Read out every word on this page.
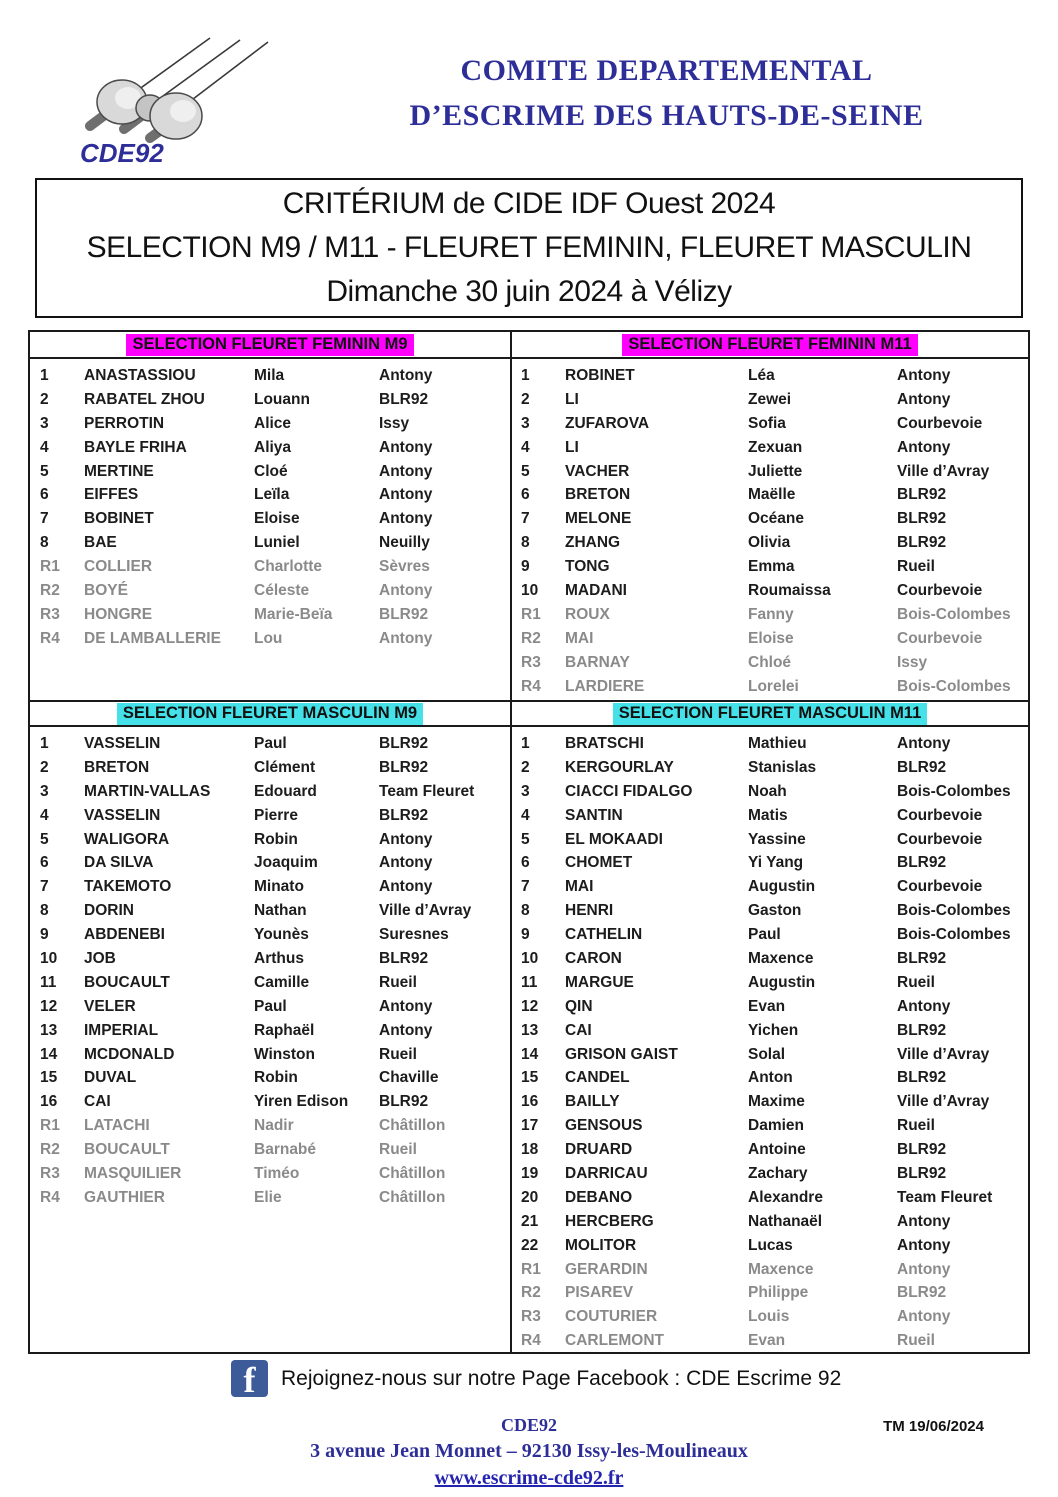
CDE92
COMITE DEPARTEMENTAL
D’ESCRIME DES HAUTS-DE-SEINE
CRITÉRIUM de CIDE IDF Ouest 2024
SELECTION M9 / M11 - FLEURET FEMININ, FLEURET MASCULIN
Dimanche 30 juin 2024 à Vélizy
SELECTION FLEURET FEMININ M9	SELECTION FLEURET FEMININ M11
1	ANASTASSIOU	Mila	Antony
2	RABATEL ZHOU	Louann	BLR92
3	PERROTIN	Alice	Issy
4	BAYLE FRIHA	Aliya	Antony
5	MERTINE	Cloé	Antony
6	EIFFES	Leïla	Antony
7	BOBINET	Eloise	Antony
8	BAE	Luniel	Neuilly
R1	COLLIER	Charlotte	Sèvres
R2	BOYÉ	Céleste	Antony
R3	HONGRE	Marie-Beïa	BLR92
R4	DE LAMBALLERIE	Lou	Antony
1	ROBINET	Léa	Antony
2	LI	Zewei	Antony
3	ZUFAROVA	Sofia	Courbevoie
4	LI	Zexuan	Antony
5	VACHER	Juliette	Ville d’Avray
6	BRETON	Maëlle	BLR92
7	MELONE	Océane	BLR92
8	ZHANG	Olivia	BLR92
9	TONG	Emma	Rueil
10	MADANI	Roumaissa	Courbevoie
R1	ROUX	Fanny	Bois-Colombes
R2	MAI	Eloise	Courbevoie
R3	BARNAY	Chloé	Issy
R4	LARDIERE	Lorelei	Bois-Colombes
SELECTION FLEURET MASCULIN M9	SELECTION FLEURET MASCULIN M11
1	VASSELIN	Paul	BLR92
2	BRETON	Clément	BLR92
3	MARTIN-VALLAS	Edouard	Team Fleuret
4	VASSELIN	Pierre	BLR92
5	WALIGORA	Robin	Antony
6	DA SILVA	Joaquim	Antony
7	TAKEMOTO	Minato	Antony
8	DORIN	Nathan	Ville d’Avray
9	ABDENEBI	Younès	Suresnes
10	JOB	Arthus	BLR92
11	BOUCAULT	Camille	Rueil
12	VELER	Paul	Antony
13	IMPERIAL	Raphaël	Antony
14	MCDONALD	Winston	Rueil
15	DUVAL	Robin	Chaville
16	CAI	Yiren Edison	BLR92
R1	LATACHI	Nadir	Châtillon
R2	BOUCAULT	Barnabé	Rueil
R3	MASQUILIER	Timéo	Châtillon
R4	GAUTHIER	Elie	Châtillon
1	BRATSCHI	Mathieu	Antony
2	KERGOURLAY	Stanislas	BLR92
3	CIACCI FIDALGO	Noah	Bois-Colombes
4	SANTIN	Matis	Courbevoie
5	EL MOKAADI	Yassine	Courbevoie
6	CHOMET	Yi Yang	BLR92
7	MAI	Augustin	Courbevoie
8	HENRI	Gaston	Bois-Colombes
9	CATHELIN	Paul	Bois-Colombes
10	CARON	Maxence	BLR92
11	MARGUE	Augustin	Rueil
12	QIN	Evan	Antony
13	CAI	Yichen	BLR92
14	GRISON GAIST	Solal	Ville d’Avray
15	CANDEL	Anton	BLR92
16	BAILLY	Maxime	Ville d’Avray
17	GENSOUS	Damien	Rueil
18	DRUARD	Antoine	BLR92
19	DARRICAU	Zachary	BLR92
20	DEBANO	Alexandre	Team Fleuret
21	HERCBERG	Nathanaël	Antony
22	MOLITOR	Lucas	Antony
R1	GERARDIN	Maxence	Antony
R2	PISAREV	Philippe	BLR92
R3	COUTURIER	Louis	Antony
R4	CARLEMONT	Evan	Rueil
f Rejoignez-nous sur notre Page Facebook : CDE Escrime 92
CDE92
3 avenue Jean Monnet – 92130 Issy-les-Moulineaux
www.escrime-cde92.fr
TM 19/06/2024
